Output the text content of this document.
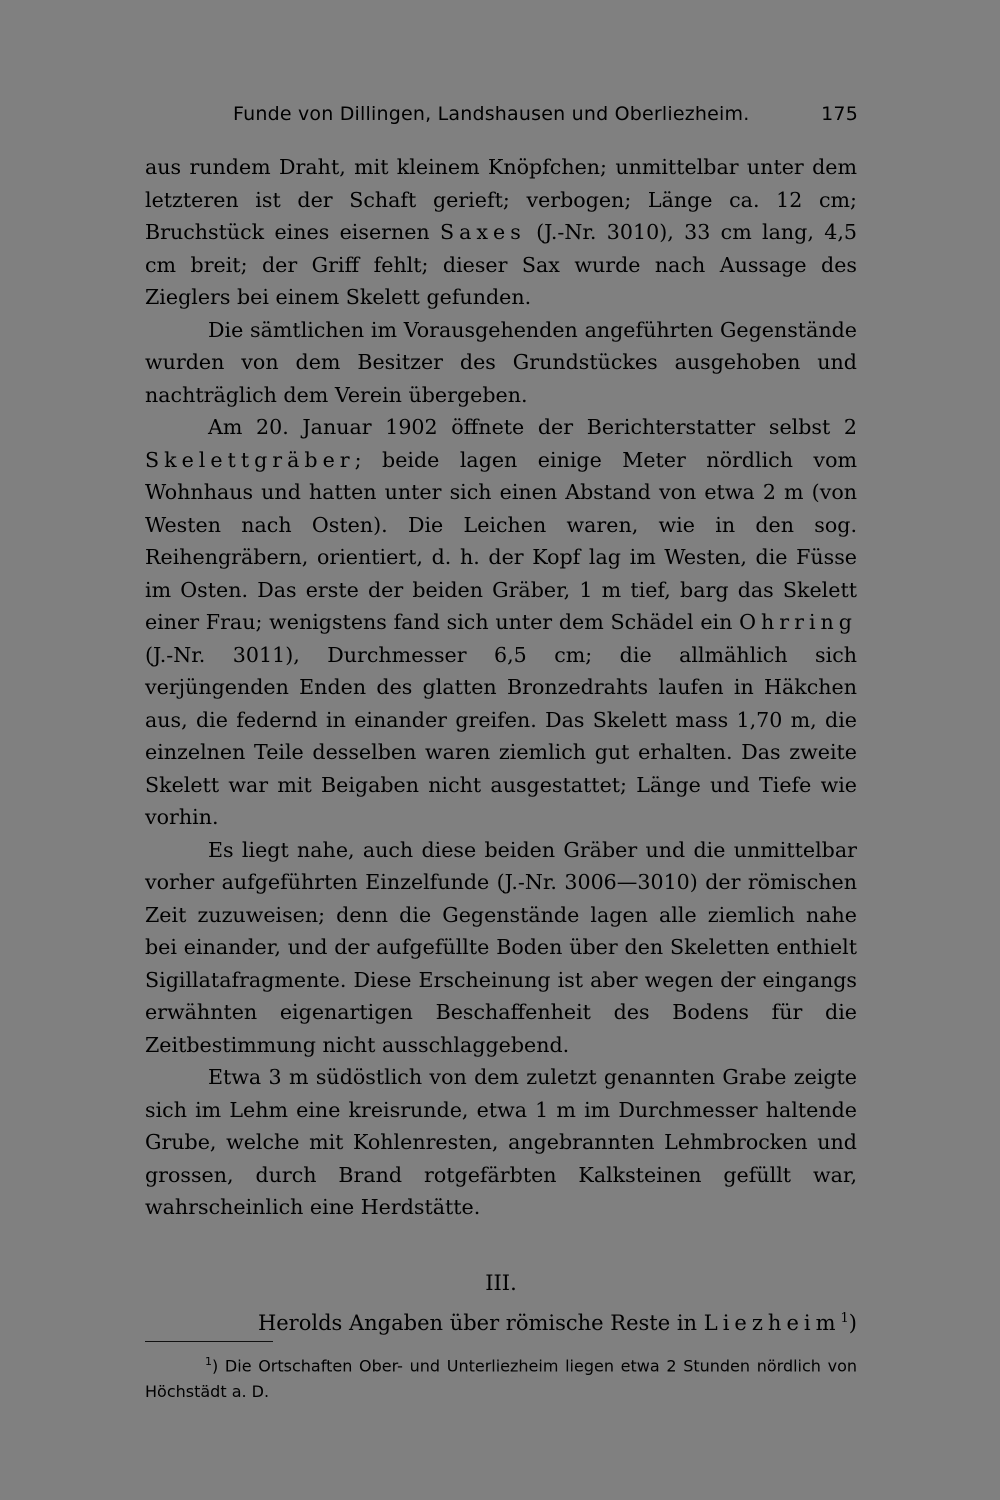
Funde von Dillingen, Landshausen und Oberliezheim.	175

aus rundem Draht, mit kleinem Knöpfchen; unmittelbar unter dem letzteren ist der Schaft gerieft; verbogen; Länge ca. 12 cm; Bruchstück eines eisernen Saxes (J.-Nr. 3010), 33 cm lang, 4,5 cm breit; der Griff fehlt; dieser Sax wurde nach Aussage des Zieglers bei einem Skelett gefunden.

Die sämtlichen im Vorausgehenden angeführten Gegenstände wurden von dem Besitzer des Grundstückes ausgehoben und nachträglich dem Verein übergeben.

Am 20. Januar 1902 öffnete der Berichterstatter selbst 2 Skelettgräber; beide lagen einige Meter nördlich vom Wohnhaus und hatten unter sich einen Abstand von etwa 2 m (von Westen nach Osten). Die Leichen waren, wie in den sog. Reihengräbern, orientiert, d. h. der Kopf lag im Westen, die Füsse im Osten. Das erste der beiden Gräber, 1 m tief, barg das Skelett einer Frau; wenigstens fand sich unter dem Schädel ein Ohrring (J.-Nr. 3011), Durchmesser 6,5 cm; die allmählich sich verjüngenden Enden des glatten Bronzedrahts laufen in Häkchen aus, die federnd in einander greifen. Das Skelett mass 1,70 m, die einzelnen Teile desselben waren ziemlich gut erhalten. Das zweite Skelett war mit Beigaben nicht ausgestattet; Länge und Tiefe wie vorhin.

Es liegt nahe, auch diese beiden Gräber und die unmittelbar vorher aufgeführten Einzelfunde (J.-Nr. 3006—3010) der römischen Zeit zuzuweisen; denn die Gegenstände lagen alle ziemlich nahe bei einander, und der aufgefüllte Boden über den Skeletten enthielt Sigillatafragmente. Diese Erscheinung ist aber wegen der eingangs erwähnten eigenartigen Beschaffenheit des Bodens für die Zeitbestimmung nicht ausschlaggebend.

Etwa 3 m südöstlich von dem zuletzt genannten Grabe zeigte sich im Lehm eine kreisrunde, etwa 1 m im Durchmesser haltende Grube, welche mit Kohlenresten, angebrannten Lehmbrocken und grossen, durch Brand rotgefärbten Kalksteinen gefüllt war, wahrscheinlich eine Herdstätte.

III.
Herolds Angaben über römische Reste in Liezheim$^1$)
$^1$) Die Ortschaften Ober- und Unterliezheim liegen etwa 2 Stunden nördlich von Höchstädt a. D.
